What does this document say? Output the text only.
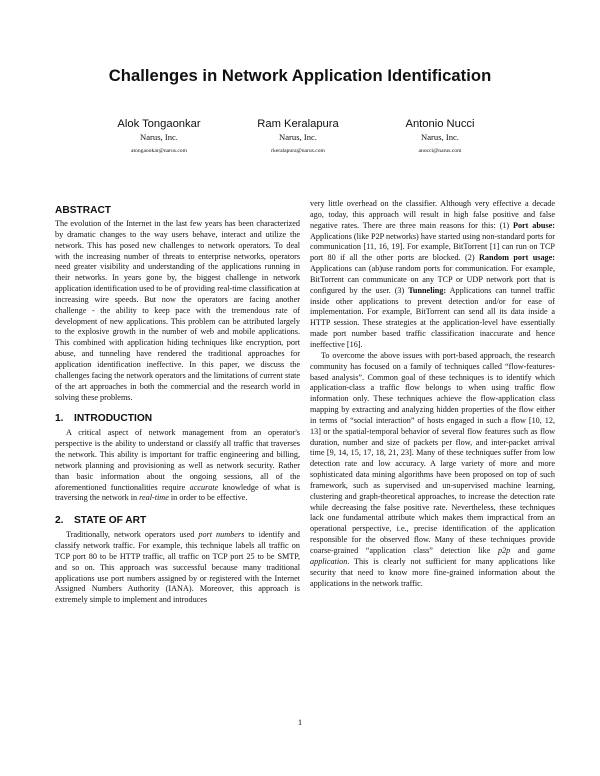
Challenges in Network Application Identification
Alok Tongaonkar
Narus, Inc.
atongaonkar@narus.com
Ram Keralapura
Narus, Inc.
rkeralapura@narus.com
Antonio Nucci
Narus, Inc.
anucci@narus.com
ABSTRACT

The evolution of the Internet in the last few years has been characterized by dramatic changes to the way users behave, interact and utilize the network. This has posed new challenges to network operators. To deal with the increasing number of threats to enterprise networks, operators need greater visibility and understanding of the applications running in their networks. In years gone by, the biggest challenge in network application identification used to be of providing real-time classification at increasing wire speeds. But now the operators are facing another challenge - the ability to keep pace with the tremendous rate of development of new applications. This problem can be attributed largely to the explosive growth in the number of web and mobile applications. This combined with application hiding techniques like encryption, port abuse, and tunneling have rendered the traditional approaches for application identification ineffective. In this paper, we discuss the challenges facing the network operators and the limitations of current state of the art approaches in both the commercial and the research world in solving these problems.

1. INTRODUCTION

A critical aspect of network management from an operator's perspective is the ability to understand or classify all traffic that traverses the network. This ability is important for traffic engineering and billing, network planning and provisioning as well as network security. Rather than basic information about the ongoing sessions, all of the aforementioned functionalities require accurate knowledge of what is traversing the network in real-time in order to be effective.

2. STATE OF ART

Traditionally, network operators used port numbers to identify and classify network traffic. For example, this technique labels all traffic on TCP port 80 to be HTTP traffic, all traffic on TCP port 25 to be SMTP, and so on. This approach was successful because many traditional applications use port numbers assigned by or registered with the Internet Assigned Numbers Authority (IANA). Moreover, this approach is extremely simple to implement and introduces

very little overhead on the classifier. Although very effective a decade ago, today, this approach will result in high false positive and false negative rates. There are three main reasons for this: (1) Port abuse: Applications (like P2P networks) have started using non-standard ports for communication [11, 16, 19]. For example, BitTorrent [1] can run on TCP port 80 if all the other ports are blocked. (2) Random port usage: Applications can (ab)use random ports for communication. For example, BitTorrent can communicate on any TCP or UDP network port that is configured by the user. (3) Tunneling: Applications can tunnel traffic inside other applications to prevent detection and/or for ease of implementation. For example, BitTorrent can send all its data inside a HTTP session. These strategies at the application-level have essentially made port number based traffic classification inaccurate and hence ineffective [16].

To overcome the above issues with port-based approach, the research community has focused on a family of techniques called “flow-features-based analysis”. Common goal of these techniques is to identify which application-class a traffic flow belongs to when using traffic flow information only. These techniques achieve the flow-application class mapping by extracting and analyzing hidden properties of the flow either in terms of “social interaction” of hosts engaged in such a flow [10, 12, 13] or the spatial-temporal behavior of several flow features such as flow duration, number and size of packets per flow, and inter-packet arrival time [9, 14, 15, 17, 18, 21, 23]. Many of these techniques suffer from low detection rate and low accuracy. A large variety of more and more sophisticated data mining algorithms have been proposed on top of such framework, such as supervised and un-supervised machine learning, clustering and graph-theoretical approaches, to increase the detection rate while decreasing the false positive rate. Nevertheless, these techniques lack one fundamental attribute which makes them impractical from an operational perspective, i.e., precise identification of the application responsible for the observed flow. Many of these techniques provide coarse-grained “application class” detection like p2p and game application. This is clearly not sufficient for many applications like security that need to know more fine-grained information about the applications in the network traffic.

1
